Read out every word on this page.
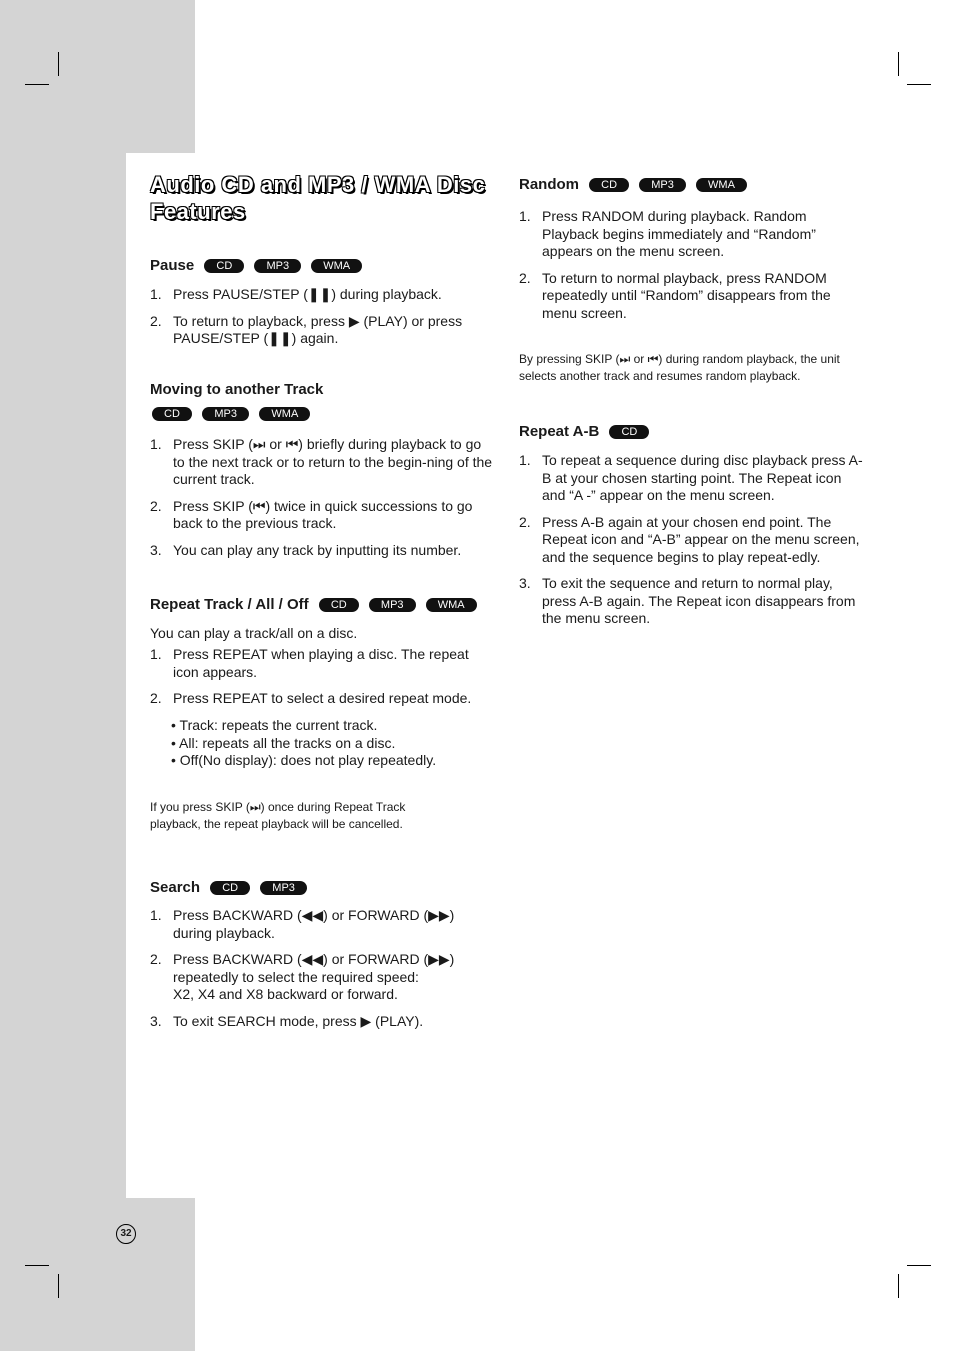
Audio CD and MP3 / WMA Disc Features
Pause CD	MP3	WMA
1. Press PAUSE/STEP (❚❚) during playback.
2. To return to playback, press ▶ (PLAY) or press PAUSE/STEP (❚❚) again.
Moving to another Track
CD	MP3	WMA
1. Press SKIP (⏭ or ⏮) briefly during playback to go to the next track or to return to the begin-ning of the current track.
2. Press SKIP (⏮) twice in quick successions to go back to the previous track.
3. You can play any track by inputting its number.
Repeat Track / All / Off CD	MP3	WMA
You can play a track/all on a disc.
1. Press REPEAT when playing a disc. The repeat icon appears.
2. Press REPEAT to select a desired repeat mode.
• Track: repeats the current track.
• All: repeats all the tracks on a disc.
• Off(No display): does not play repeatedly.
If you press SKIP (⏭) once during Repeat Track playback, the repeat playback will be cancelled.
Search CD	MP3
1. Press BACKWARD (◀◀) or FORWARD (▶▶) during playback.
2. Press BACKWARD (◀◀) or FORWARD (▶▶) repeatedly to select the required speed:
X2, X4 and X8 backward or forward.
3. To exit SEARCH mode, press ▶ (PLAY).
Random CD	MP3	WMA
1. Press RANDOM during playback. Random Playback begins immediately and “Random” appears on the menu screen.
2. To return to normal playback, press RANDOM repeatedly until “Random” disappears from the menu screen.
By pressing SKIP (⏭ or ⏮) during random playback, the unit selects another track and resumes random playback.
Repeat A-B CD
1. To repeat a sequence during disc playback press A-B at your chosen starting point. The Repeat icon and “A -” appear on the menu screen.
2. Press A-B again at your chosen end point. The Repeat icon and “A-B” appear on the menu screen, and the sequence begins to play repeat-edly.
3. To exit the sequence and return to normal play, press A-B again. The Repeat icon disappears from the menu screen.
32
